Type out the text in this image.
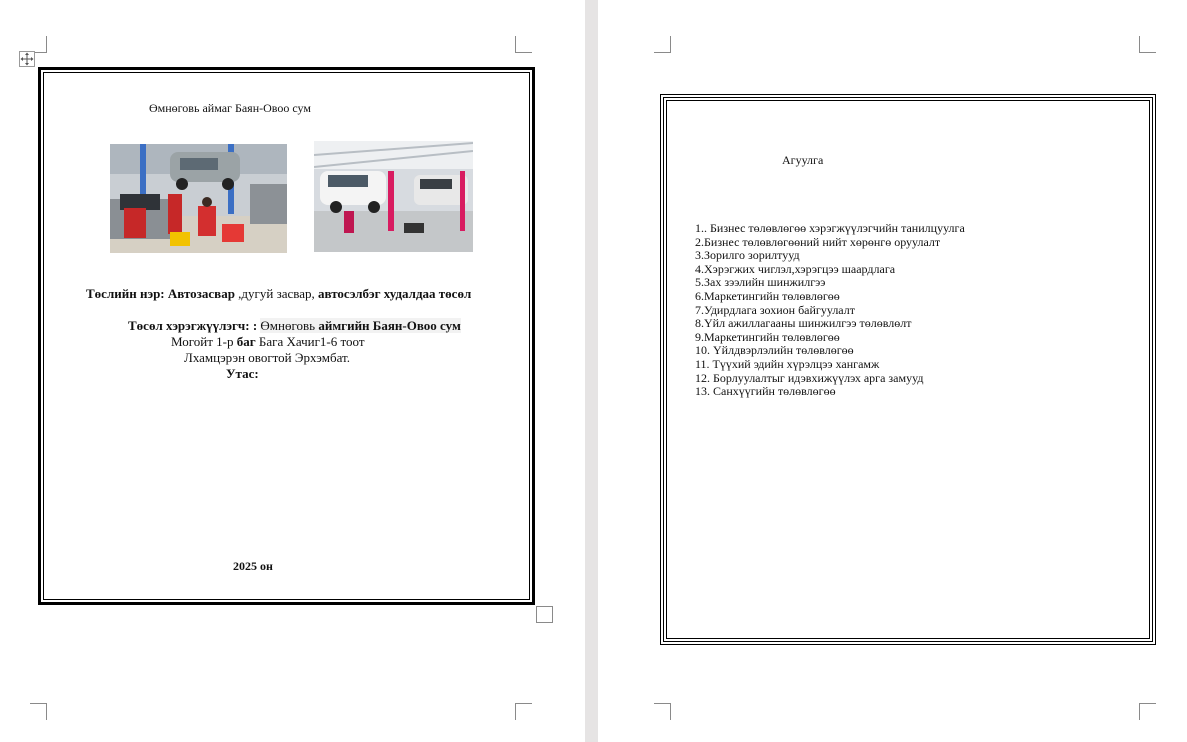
Өмнөговь аймаг Баян-Овоо сум
Төслийн нэр: Автозасвар ,дугуй засвар, автосэлбэг худалдаа төсөл
Төсөл хэрэгжүүлэгч: : Өмнөговь аймгийн Баян-Овоо сум
Могойт 1-р баг Бага Хачиг1-6 тоот
Лхамцэрэн овогтой Эрхэмбат.
Утас:
2025 он
Агуулга
1.. Бизнес төлөвлөгөө хэрэгжүүлэгчийн танилцуулга
2.Бизнес төлөвлөгөөний нийт хөрөнгө оруулалт
3.Зорилго зорилтууд
4.Хэрэгжих чиглэл,хэрэгцээ шаардлага
5.Зах зээлийн шинжилгээ
6.Маркетингийн төлөвлөгөө
7.Удирдлага зохион байгуулалт
8.Үйл ажиллагааны шинжилгээ төлөвлөлт
9.Маркетингийн төлөвлөгөө
10. Үйлдвэрлэлийн төлөвлөгөө
11. Түүхий эдийн хүрэлцээ хангамж
12. Борлуулалтыг идэвхижүүлэх арга замууд
13. Санхүүгийн төлөвлөгөө
